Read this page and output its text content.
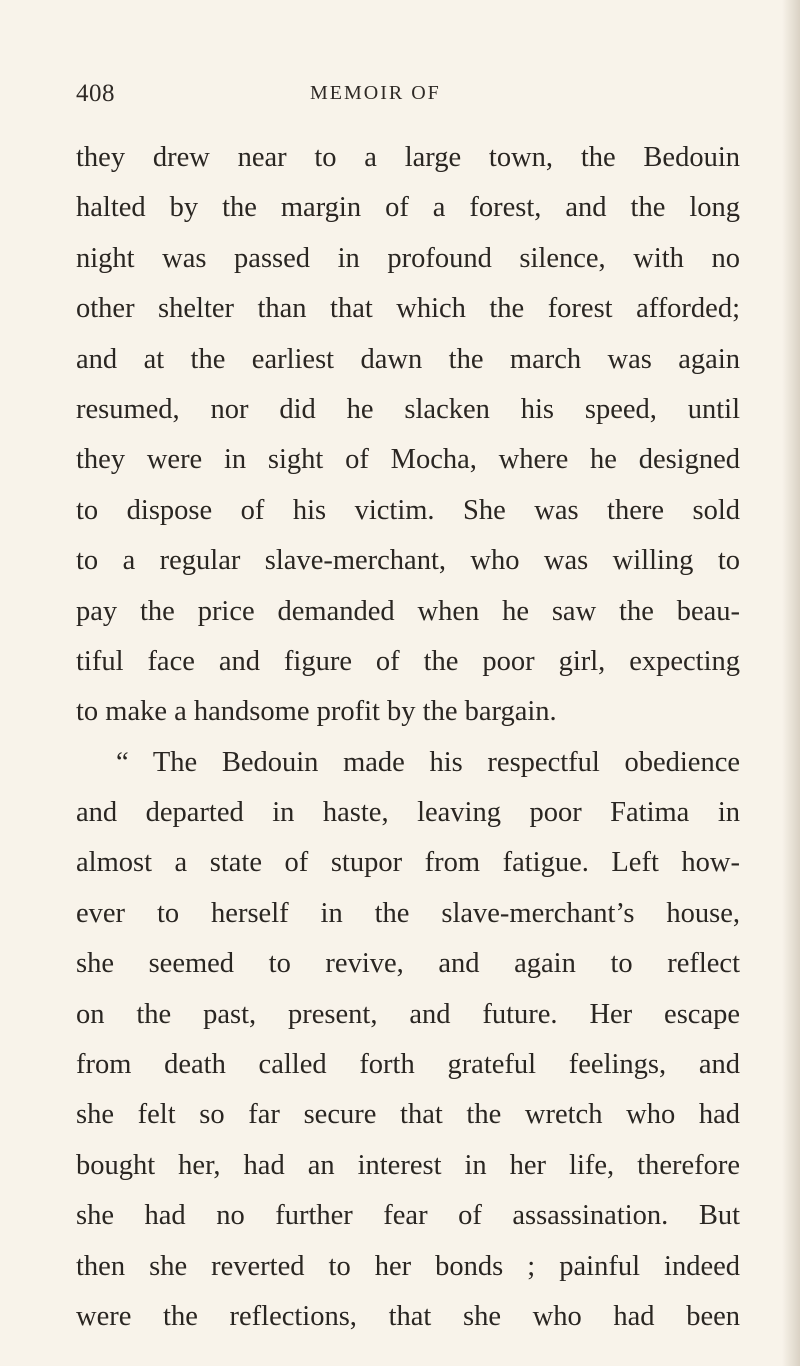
408	MEMOIR OF
they drew near to a large town, the Bedouin
halted by the margin of a forest, and the long
night was passed in profound silence, with no
other shelter than that which the forest afforded;
and at the earliest dawn the march was again
resumed, nor did he slacken his speed, until
they were in sight of Mocha, where he designed
to dispose of his victim. She was there sold
to a regular slave-merchant, who was willing to
pay the price demanded when he saw the beau-
tiful face and figure of the poor girl, expecting
to make a handsome profit by the bargain.
“ The Bedouin made his respectful obedience
and departed in haste, leaving poor Fatima in
almost a state of stupor from fatigue. Left how-
ever to herself in the slave-merchant’s house,
she seemed to revive, and again to reflect
on the past, present, and future. Her escape
from death called forth grateful feelings, and
she felt so far secure that the wretch who had
bought her, had an interest in her life, therefore
she had no further fear of assassination. But
then she reverted to her bonds ; painful indeed
were the reflections, that she who had been
